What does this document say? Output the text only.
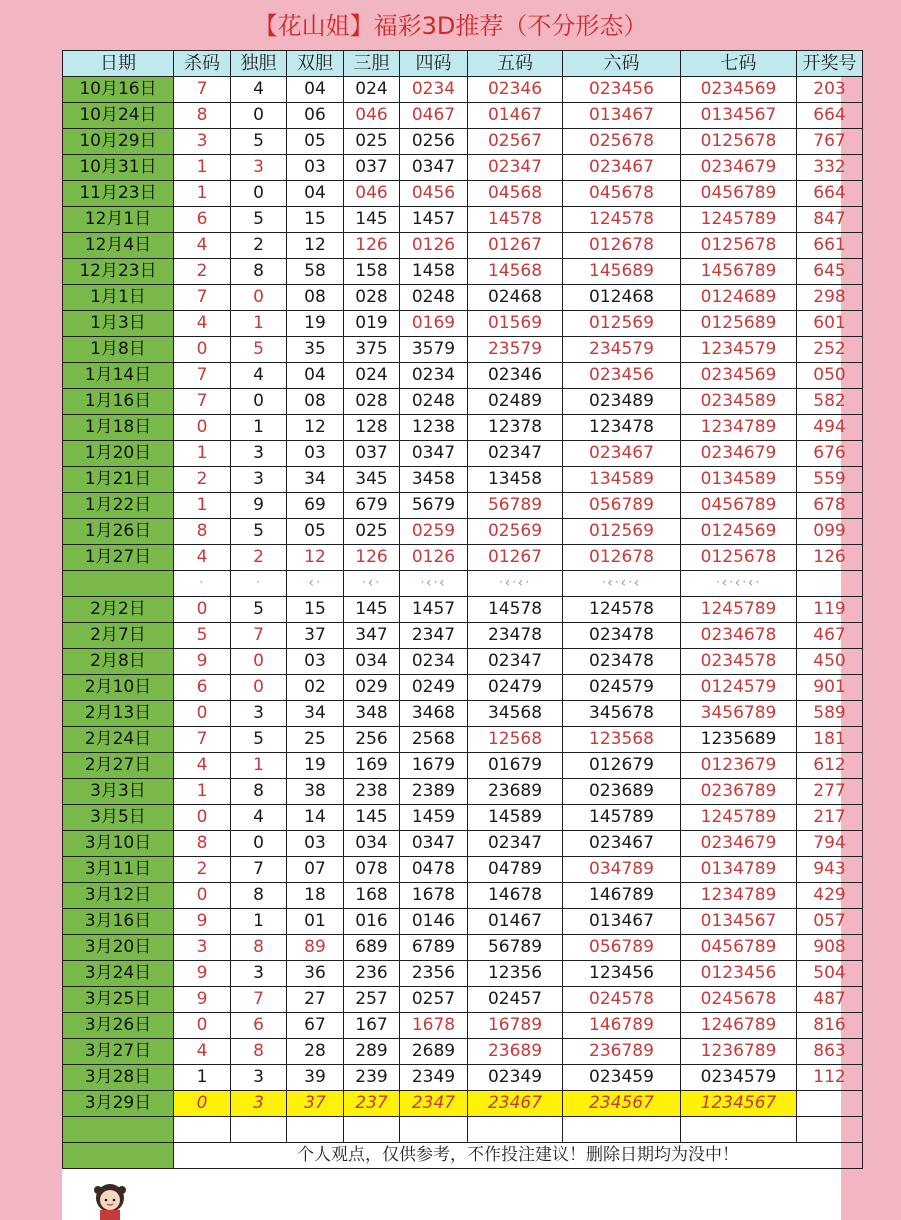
【花山姐】福彩3D推荐（不分形态）
日期	杀码	独胆	双胆	三胆	四码	五码	六码	七码	开奖号
10月16日	7	4	04	024	0234	02346	023456	0234569	203
10月24日	8	0	06	046	0467	01467	013467	0134567	664
10月29日	3	5	05	025	0256	02567	025678	0125678	767
10月31日	1	3	03	037	0347	02347	023467	0234679	332
11月23日	1	0	04	046	0456	04568	045678	0456789	664
12月1日	6	5	15	145	1457	14578	124578	1245789	847
12月4日	4	2	12	126	0126	01267	012678	0125678	661
12月23日	2	8	58	158	1458	14568	145689	1456789	645
1月1日	7	0	08	028	0248	02468	012468	0124689	298
1月3日	4	1	19	019	0169	01569	012569	0125689	601
1月8日	0	5	35	375	3579	23579	234579	1234579	252
1月14日	7	4	04	024	0234	02346	023456	0234569	050
1月16日	7	0	08	028	0248	02489	023489	0234589	582
1月18日	0	1	12	128	1238	12378	123478	1234789	494
1月20日	1	3	03	037	0347	02347	023467	0234679	676
1月21日	2	3	34	345	3458	13458	134589	0134589	559
1月22日	1	9	69	679	5679	56789	056789	0456789	678
1月26日	8	5	05	025	0259	02569	012569	0124569	099
1月27日	4	2	12	126	0126	01267	012678	0125678	126
	ᐧ	ᐧ	‹ᐧ	ᐧ‹ᐧ	ᐧ‹ᐧ‹	ᐧ‹ᐧ‹ᐧ	ᐧ‹ᐧ‹ᐧ‹	ᐧ‹ᐧ‹ᐧ‹ᐧ	
2月2日	0	5	15	145	1457	14578	124578	1245789	119
2月7日	5	7	37	347	2347	23478	023478	0234678	467
2月8日	9	0	03	034	0234	02347	023478	0234578	450
2月10日	6	0	02	029	0249	02479	024579	0124579	901
2月13日	0	3	34	348	3468	34568	345678	3456789	589
2月24日	7	5	25	256	2568	12568	123568	1235689	181
2月27日	4	1	19	169	1679	01679	012679	0123679	612
3月3日	1	8	38	238	2389	23689	023689	0236789	277
3月5日	0	4	14	145	1459	14589	145789	1245789	217
3月10日	8	0	03	034	0347	02347	023467	0234679	794
3月11日	2	7	07	078	0478	04789	034789	0134789	943
3月12日	0	8	18	168	1678	14678	146789	1234789	429
3月16日	9	1	01	016	0146	01467	013467	0134567	057
3月20日	3	8	89	689	6789	56789	056789	0456789	908
3月24日	9	3	36	236	2356	12356	123456	0123456	504
3月25日	9	7	27	257	0257	02457	024578	0245678	487
3月26日	0	6	67	167	1678	16789	146789	1246789	816
3月27日	4	8	28	289	2689	23689	236789	1236789	863
3月28日	1	3	39	239	2349	02349	023459	0234579	112
3月29日	0	3	37	237	2347	23467	234567	1234567	

	个人观点，仅供参考，不作投注建议！删除日期均为没中！								
